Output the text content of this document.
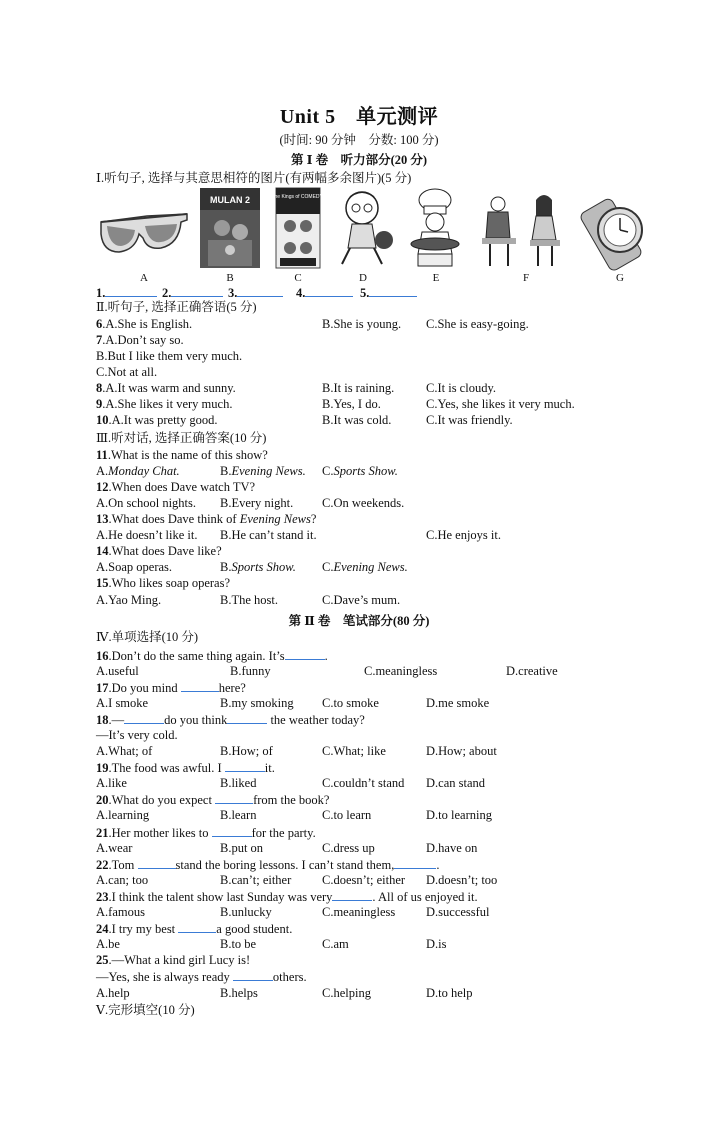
Unit 5　单元测评
(时间: 90 分钟　分数: 100 分)
第 Ⅰ 卷　听力部分(20 分)
Ⅰ.听句子, 选择与其意思相符的图片(有两幅多余图片)(5 分)
MULAN 2	the Kings of COMEDY
A	B	C	D	E	F	G
1.	2.	3.	4.	5.
Ⅱ.听句子, 选择正确答语(5 分)
6.A.She is English.	B.She is young. C.She is easy-going.
7.A.Don’t say so.
B.But I like them very much.
C.Not at all.
8.A.It was warm and sunny.	B.It is raining.	C.It is cloudy.
9.A.She likes it very much.	B.Yes, I do.	C.Yes, she likes it very much.
10.A.It was pretty good.	B.It was cold.	C.It was friendly.
Ⅲ.听对话, 选择正确答案(10 分)
11.What is the name of this show?
A.Monday Chat.	B.Evening News. C.Sports Show.
12.When does Dave watch TV?
A.On school nights. B.Every night. C.On weekends.
13.What does Dave think of Evening News?
A.He doesn’t like it. B.He can’t stand it.	C.He enjoys it.
14.What does Dave like?
A.Soap operas.	B.Sports Show. C.Evening News.
15.Who likes soap operas?
A.Yao Ming.	B.The host.	C.Dave’s mum.
第 Ⅱ 卷　笔试部分(80 分)
Ⅳ.单项选择(10 分)
16.Don’t do the same thing again. It’s	.
A.useful	B.funny	C.meaningless	D.creative
17.Do you mind	here?
A.I smoke	B.my smoking C.to smoke	D.me smoke
18.—	do you think	the weather today?
—It’s very cold.
A.What; of	B.How; of	C.What; like	D.How; about
19.The food was awful. I	it.
A.like	B.liked	C.couldn’t stand D.can stand
20.What do you expect	from the book?
A.learning	B.learn	C.to learn	D.to learning
21.Her mother likes to	for the party.
A.wear	B.put on	C.dress up	D.have on
22.Tom	stand the boring lessons. I can’t stand them,	.
A.can; too	B.can’t; either C.doesn’t; either D.doesn’t; too
23.I think the talent show last Sunday was very	. All of us enjoyed it.
A.famous	B.unlucky	C.meaningless D.successful
24.I try my best	a good student.
A.be	B.to be	C.am	D.is
25.—What a kind girl Lucy is!
—Yes, she is always ready	others.
A.help	B.helps	C.helping	D.to help
Ⅴ.完形填空(10 分)
